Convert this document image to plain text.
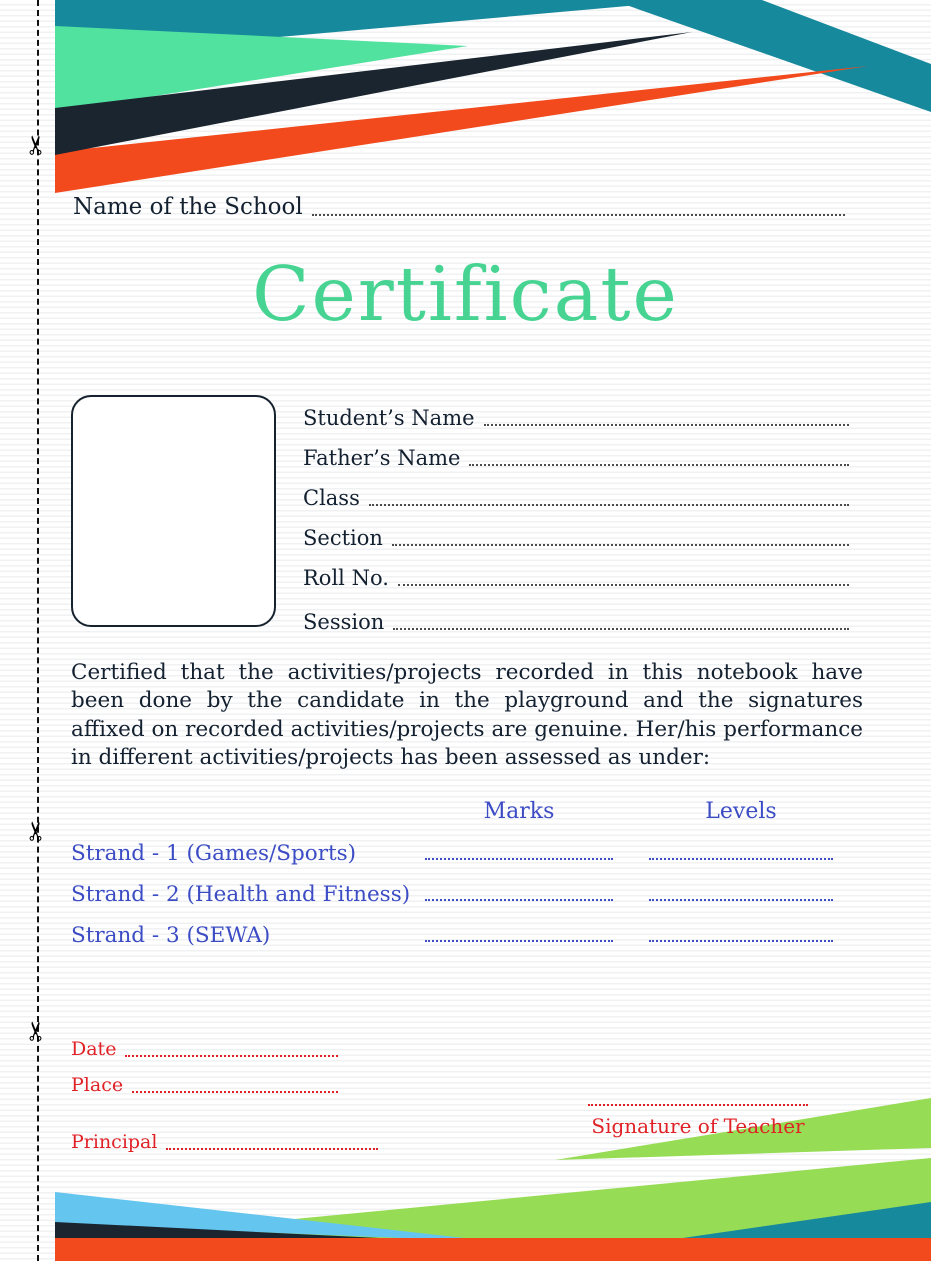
✂
✂
✂
Name of the School
Certificate
Student’s Name
Father’s Name
Class
Section
Roll No.
Session
Certified that the activities/projects recorded in this notebook have been done by the candidate in the playground and the signatures affixed on recorded activities/projects are genuine. Her/his performance in different activities/projects has been assessed as under:
Marks	Levels
Strand - 1 (Games/Sports)
Strand - 2 (Health and Fitness)
Strand - 3 (SEWA)
Date
Place
Principal
Signature of Teacher
